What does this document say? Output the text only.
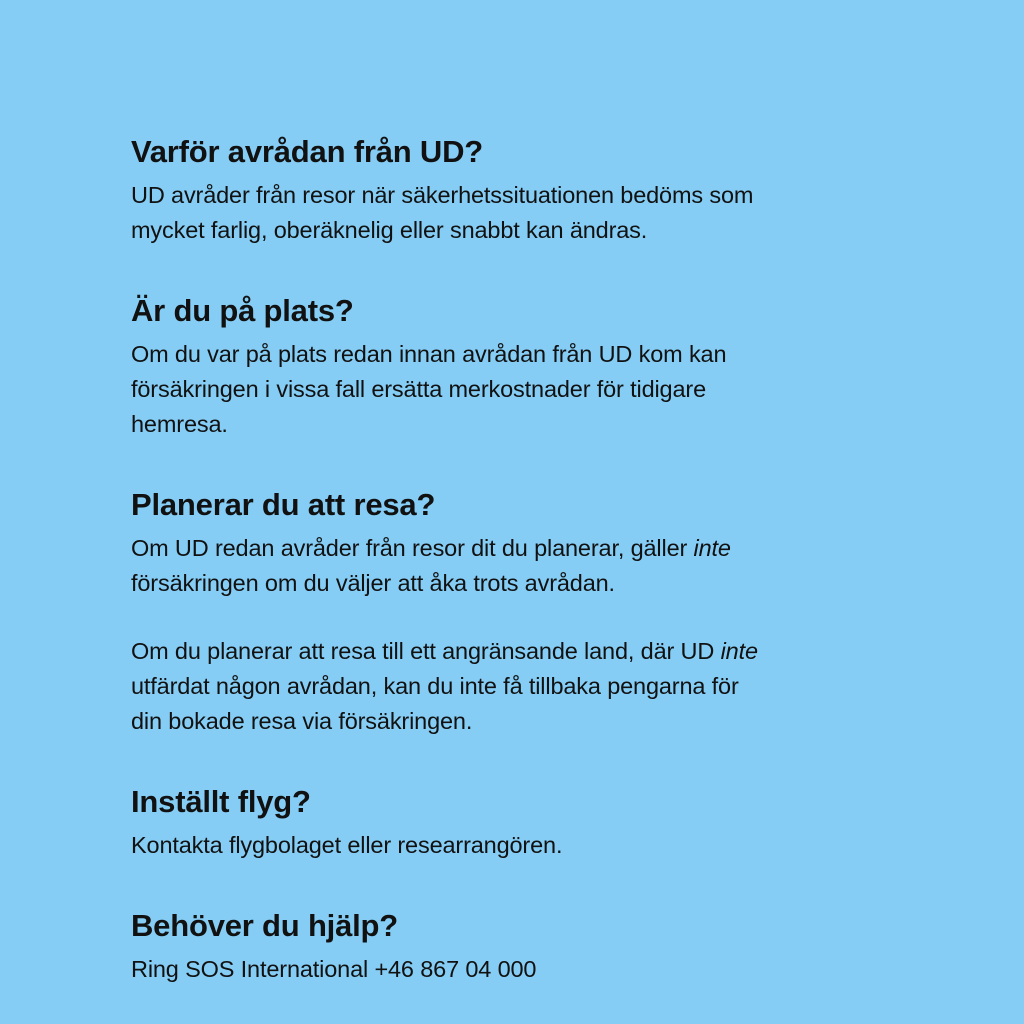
Varför avrådan från UD?

UD avråder från resor när säkerhetssituationen bedöms som
mycket farlig, oberäknelig eller snabbt kan ändras.

Är du på plats?

Om du var på plats redan innan avrådan från UD kom kan
försäkringen i vissa fall ersätta merkostnader för tidigare
hemresa.

Planerar du att resa?

Om UD redan avråder från resor dit du planerar, gäller inte
försäkringen om du väljer att åka trots avrådan.

Om du planerar att resa till ett angränsande land, där UD inte
utfärdat någon avrådan, kan du inte få tillbaka pengarna för
din bokade resa via försäkringen.

Inställt flyg?

Kontakta flygbolaget eller researrangören.

Behöver du hjälp?

Ring SOS International +46 867 04 000
